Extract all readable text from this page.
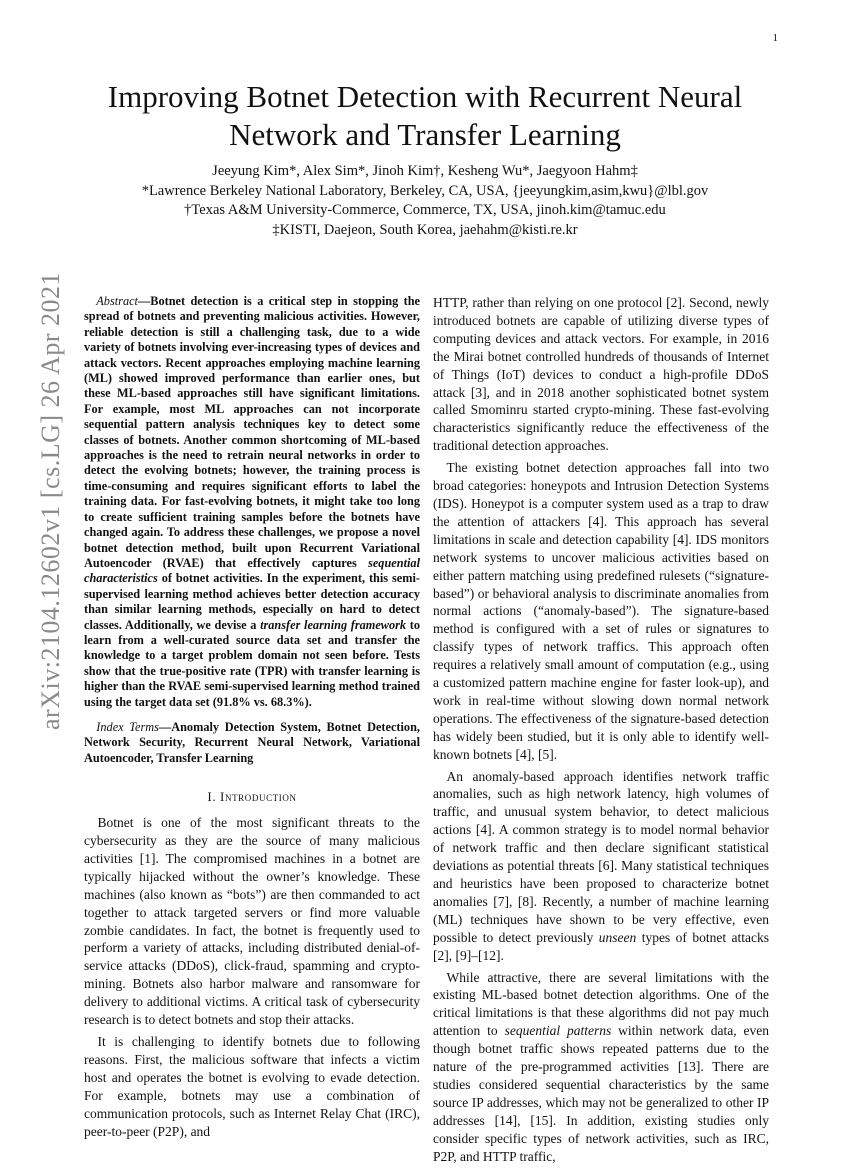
1
arXiv:2104.12602v1 [cs.LG] 26 Apr 2021
Improving Botnet Detection with Recurrent Neural
Network and Transfer Learning
Jeeyung Kim*, Alex Sim*, Jinoh Kim†, Kesheng Wu*, Jaegyoon Hahm‡
*Lawrence Berkeley National Laboratory, Berkeley, CA, USA, {jeeyungkim,asim,kwu}@lbl.gov
†Texas A&M University-Commerce, Commerce, TX, USA, jinoh.kim@tamuc.edu
‡KISTI, Daejeon, South Korea, jaehahm@kisti.re.kr

Abstract—Botnet detection is a critical step in stopping the spread of botnets and preventing malicious activities. However, reliable detection is still a challenging task, due to a wide variety of botnets involving ever-increasing types of devices and attack vectors. Recent approaches employing machine learning (ML) showed improved performance than earlier ones, but these ML-based approaches still have significant limitations. For example, most ML approaches can not incorporate sequential pattern analysis techniques key to detect some classes of botnets. Another common shortcoming of ML-based approaches is the need to retrain neural networks in order to detect the evolving botnets; however, the training process is time-consuming and requires significant efforts to label the training data. For fast-evolving botnets, it might take too long to create sufficient training samples before the botnets have changed again. To address these challenges, we propose a novel botnet detection method, built upon Recurrent Variational Autoencoder (RVAE) that effectively captures sequential characteristics of botnet activities. In the experiment, this semi-supervised learning method achieves better detection accuracy than similar learning methods, especially on hard to detect classes. Additionally, we devise a transfer learning framework to learn from a well-curated source data set and transfer the knowledge to a target problem domain not seen before. Tests show that the true-positive rate (TPR) with transfer learning is higher than the RVAE semi-supervised learning method trained using the target data set (91.8% vs. 68.3%).

Index Terms—Anomaly Detection System, Botnet Detection, Network Security, Recurrent Neural Network, Variational Autoencoder, Transfer Learning

I. Introduction

Botnet is one of the most significant threats to the cybersecurity as they are the source of many malicious activities [1]. The compromised machines in a botnet are typically hijacked without the owner’s knowledge. These machines (also known as “bots”) are then commanded to act together to attack targeted servers or find more valuable zombie candidates. In fact, the botnet is frequently used to perform a variety of attacks, including distributed denial-of-service attacks (DDoS), click-fraud, spamming and crypto-mining. Botnets also harbor malware and ransomware for delivery to additional victims. A critical task of cybersecurity research is to detect botnets and stop their attacks.

It is challenging to identify botnets due to following reasons. First, the malicious software that infects a victim host and operates the botnet is evolving to evade detection. For example, botnets may use a combination of communication protocols, such as Internet Relay Chat (IRC), peer-to-peer (P2P), and

HTTP, rather than relying on one protocol [2]. Second, newly introduced botnets are capable of utilizing diverse types of computing devices and attack vectors. For example, in 2016 the Mirai botnet controlled hundreds of thousands of Internet of Things (IoT) devices to conduct a high-profile DDoS attack [3], and in 2018 another sophisticated botnet system called Smominru started crypto-mining. These fast-evolving characteristics significantly reduce the effectiveness of the traditional detection approaches.

The existing botnet detection approaches fall into two broad categories: honeypots and Intrusion Detection Systems (IDS). Honeypot is a computer system used as a trap to draw the attention of attackers [4]. This approach has several limitations in scale and detection capability [4]. IDS monitors network systems to uncover malicious activities based on either pattern matching using predefined rulesets (“signature-based”) or behavioral analysis to discriminate anomalies from normal actions (“anomaly-based”). The signature-based method is configured with a set of rules or signatures to classify types of network traffics. This approach often requires a relatively small amount of computation (e.g., using a customized pattern machine engine for faster look-up), and work in real-time without slowing down normal network operations. The effectiveness of the signature-based detection has widely been studied, but it is only able to identify well-known botnets [4], [5].

An anomaly-based approach identifies network traffic anomalies, such as high network latency, high volumes of traffic, and unusual system behavior, to detect malicious actions [4]. A common strategy is to model normal behavior of network traffic and then declare significant statistical deviations as potential threats [6]. Many statistical techniques and heuristics have been proposed to characterize botnet anomalies [7], [8]. Recently, a number of machine learning (ML) techniques have shown to be very effective, even possible to detect previously unseen types of botnet attacks [2], [9]–[12].

While attractive, there are several limitations with the existing ML-based botnet detection algorithms. One of the critical limitations is that these algorithms did not pay much attention to sequential patterns within network data, even though botnet traffic shows repeated patterns due to the nature of the pre-programmed activities [13]. There are studies considered sequential characteristics by the same source IP addresses, which may not be generalized to other IP addresses [14], [15]. In addition, existing studies only consider specific types of network activities, such as IRC, P2P, and HTTP traffic,
